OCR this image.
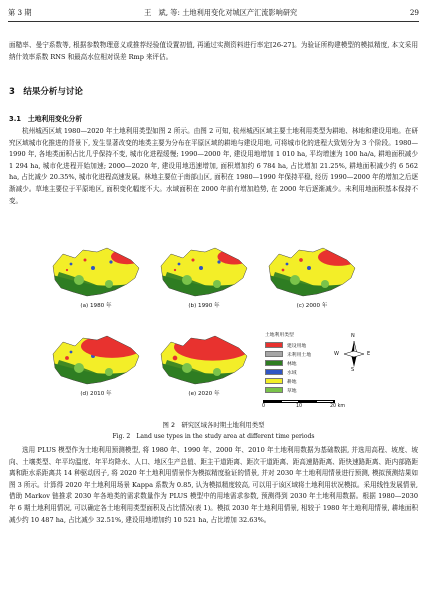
第 3 期	王　斌, 等: 土地利用变化对城区产汇流影响研究	29
面糙率、曼宁系数等, 根据参数物理意义或推荐经验值设置初值, 再通过实测资料进行率定[26-27]。为验证所构建模型的模拟精度, 本文采用纳什效率系数 RNS 和最高水位相对误差 Rmp 来评估。
3　结果分析与讨论
3.1　土地利用变化分析
杭州城西区域 1980—2020 年土地利用类型如图 2 所示。由图 2 可知, 杭州城西区域主要土地利用类型为耕地、林地和建设用地。在研究区域城市化推进的背景下, 发生显著改变的地类主要为分布在平原区域的耕地与建设用地, 可将城市化的进程大致划分为 3 个阶段。1980—1990 年, 各地类面积占比几乎保持不变, 城市化进程缓慢; 1990—2000 年, 建设用地增加 1 010 ha, 平均增速为 100 ha/a, 耕地面积减少 1 294 ha, 城市化进程开始加速; 2000—2020 年, 建设用地迅速增加, 面积增加约 6 784 ha, 占比增加 21.25%, 耕地面积减少约 6 562 ha, 占比减少 20.35%, 城市化进程高速发展。林地主要位于南部山区, 面积在 1980—1990 年保持平稳, 经历 1990—2000 年的增加之后逐渐减少。草地主要位于平原地区, 面积变化幅度不大。水域面积在 2000 年前有增加趋势, 在 2000 年后逐渐减少。未利用地面积基本保持不变。
(a) 1980 年	(b) 1990 年	(c) 2000 年
(d) 2010 年	(e) 2020 年
土地利用类型
建设用地
未利用土地
林地
水域
耕地
草地
N
W	E
S
0	10	20 km
图 2　研究区域各时期土地利用类型
Fig. 2　Land use types in the study area at different time periods
选用 PLUS 模型作为土地利用预测模型, 将 1980 年、1990 年、2000 年、2010 年土地利用数据为基础数据, 并选用高程、坡度、坡向、土壤类型、年平均温度、年平均降水、人口、地区生产总值、距主干道距离、距次干道距离、距高速路距离、距快速路距离、距内部路距离和距水系距离共 14 种驱动因子, 将 2020 年土地利用情景作为模拟精度验证的情景, 并对 2030 年土地利用情景进行预测, 模拟预测结果如图 3 所示。计算得 2020 年土地利用场景 Kappa 系数为 0.85, 认为模拟精度较高, 可以用于该区域将土地利用状况模拟。采用线性发展情景, 借助 Markov 链推求 2030 年各地类的需求数量作为 PLUS 模型中的用地需求参数, 预测得到 2030 年土地利用数据。根据 1980—2030 年 6 期土地利用情况, 可以确定各土地利用类型面积及占比情况(表 1)。模拟 2030 年土地利用情景, 相较于 1980 年土地利用情景, 耕地面积减少约 10 487 ha, 占比减少 32.51%, 建设用地增加约 10 521 ha, 占比增加 32.63%。
